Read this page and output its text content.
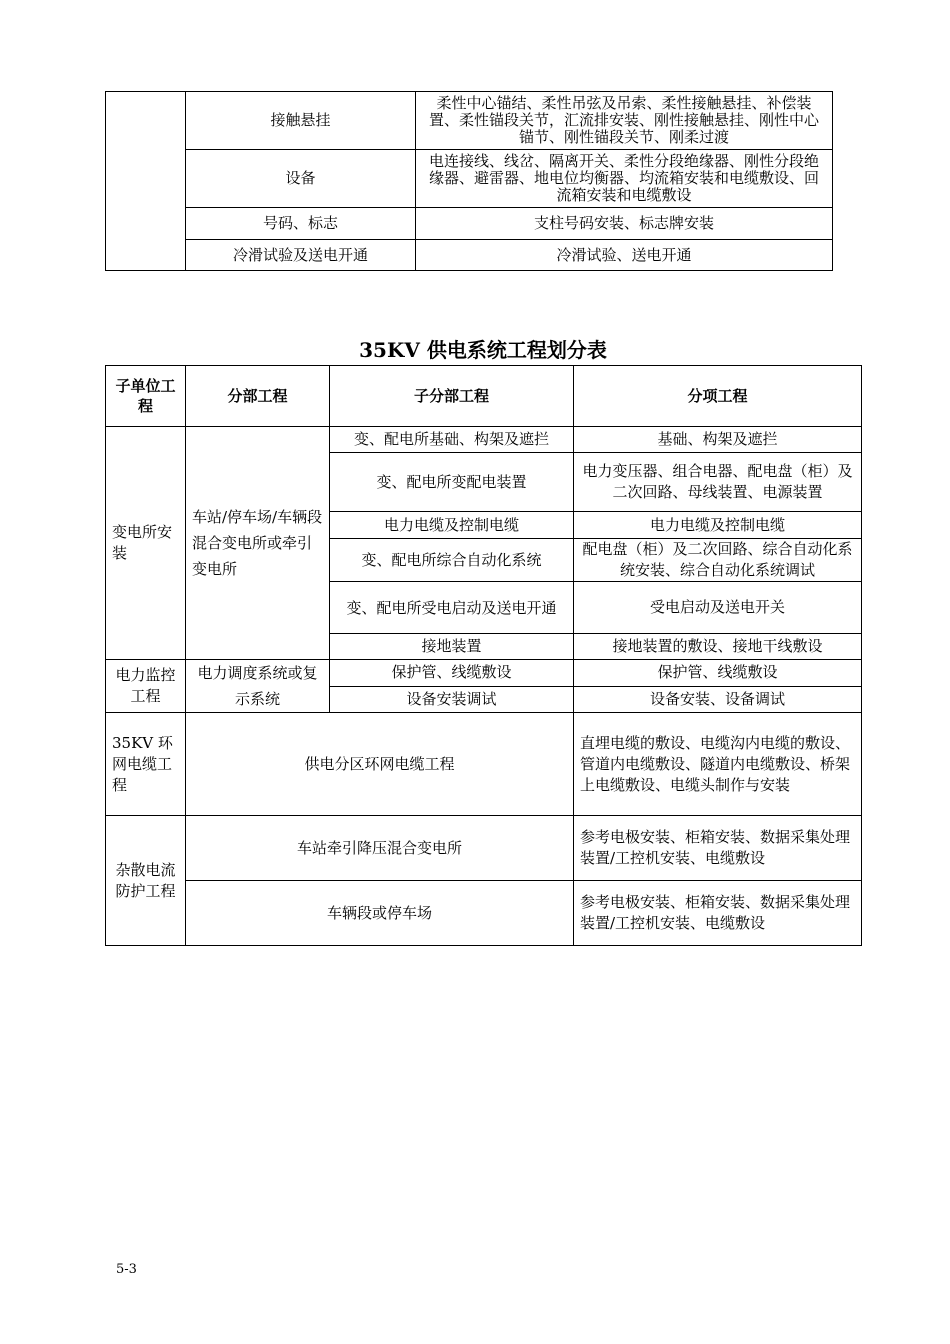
	接触悬挂	柔性中心锚结、柔性吊弦及吊索、柔性接触悬挂、补偿装置、柔性锚段关节，汇流排安装、刚性接触悬挂、刚性中心锚节、刚性锚段关节、刚柔过渡
	设备	电连接线、线岔、隔离开关、柔性分段绝缘器、刚性分段绝缘器、避雷器、地电位均衡器、均流箱安装和电缆敷设、回流箱安装和电缆敷设
	号码、标志	支柱号码安装、标志牌安装
	冷滑试验及送电开通	冷滑试验、送电开通
35KV 供电系统工程划分表
子单位工程	分部工程	子分部工程	分项工程
变电所安装	车站/停车场/车辆段混合变电所或牵引变电所	变、配电所基础、构架及遮拦	基础、构架及遮拦
		变、配电所变配电装置	电力变压器、组合电器、配电盘（柜）及二次回路、母线装置、电源装置
		电力电缆及控制电缆	电力电缆及控制电缆
		变、配电所综合自动化系统	配电盘（柜）及二次回路、综合自动化系统安装、综合自动化系统调试
		变、配电所受电启动及送电开通	受电启动及送电开关
		接地装置	接地装置的敷设、接地干线敷设
电力监控工程	电力调度系统或复示系统	保护管、线缆敷设	保护管、线缆敷设
		设备安装调试	设备安装、设备调试
35KV 环网电缆工程	供电分区环网电缆工程		直埋电缆的敷设、电缆沟内电缆的敷设、管道内电缆敷设、隧道内电缆敷设、桥架上电缆敷设、电缆头制作与安装
杂散电流防护工程	车站牵引降压混合变电所		参考电极安装、柜箱安装、数据采集处理装置/工控机安装、电缆敷设
	车辆段或停车场		参考电极安装、柜箱安装、数据采集处理装置/工控机安装、电缆敷设
5-3
